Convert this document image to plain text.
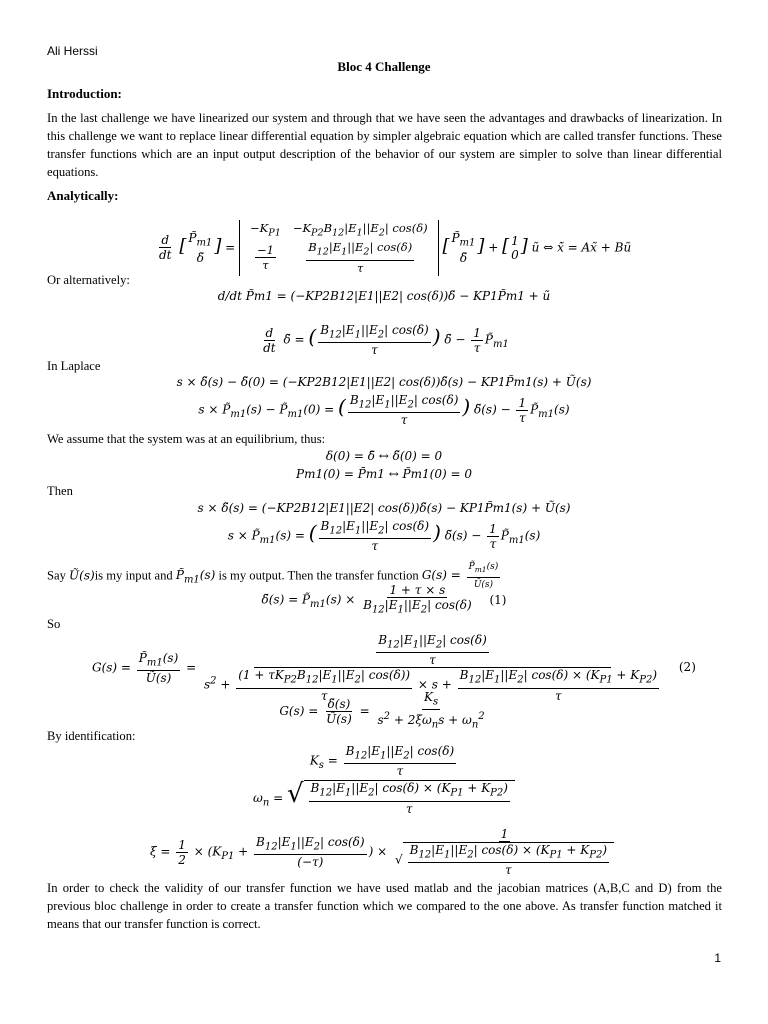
Ali Herssi
Bloc 4 Challenge
Introduction:
In the last challenge we have linearized our system and through that we have seen the advantages and drawbacks of linearization. In this challenge we want to replace linear differential equation by simpler algebraic equation which are called transfer functions. These transfer functions which are an input output description of the behavior of our system are simpler to solve than linear differential equations.
Analytically:
$\frac{d}{dt}$ [ $P̃_{m1}$
δ̃
] =
$-K_{P1}$	$-K_{P2}B_{12}|E_1||E_2|$ cos(δ)

$\frac{-1}{\tau}$	$\frac{B_{12}|E_1||E_2| \cos(\delta)}{\tau}$ [ $P̃_{m1}$
δ̃
] + [ 1
0 ] ũ ⇔ x̃̇ = Ax̃ + Bũ
Or alternatively:
d/dt P̃m1 = (−KP2B12|E1||E2| cos(δ))δ̃ − KP1P̃m1 + ũ
$\frac{d}{dt}$ δ̃ = ( $\frac{B_{12}|E_1||E_2| \cos(\delta)}{\tau}$ ) δ̃ − $\frac{1}{\tau}$ $P̃_{m1}$
In Laplace
s × δ̃(s) − δ̃(0) = (−KP2B12|E1||E2| cos(δ))δ̃(s) − KP1P̃m1(s) + Ũ(s)
$s \times P̃_{m1}(s)$ − $P̃_{m1}(0)$ = ( $\frac{B_{12}|E_1||E_2| \cos(\delta)}{\tau}$ ) δ̃(s) − $\frac{1}{\tau}$ $P̃_{m1}(s)$
We assume that the system was at an equilibrium, thus:
δ(0) = δ̄ ↔ δ̃(0) = 0
Pm1(0) = P̄m1 ↔ P̃m1(0) = 0
Then
s × δ̃(s) = (−KP2B12|E1||E2| cos(δ))δ̃(s) − KP1P̃m1(s) + Ũ(s)
$s \times P̃_{m1}(s)$ = ( $\frac{B_{12}|E_1||E_2| \cos(\delta)}{\tau}$ ) δ̃(s) − $\frac{1}{\tau}$ $P̃_{m1}(s)$
Say Ũ(s)is my input and $P̃_{m1}(s)$ is my output. Then the transfer function $G(s) = \frac{P̃_{m1}(s)}{Ũ(s)}$
δ̃(s) = $P̃_{m1}(s) \times \frac{1 + \tau \times s}{B_{12}|E_1||E_2| \cos(\delta)} (1)$
So
$G(s) = \frac{P̃_{m1}(s)}{Ũ(s)}$ =	$\frac{B_{12}|E_1||E_2| \cos(\delta)}{\tau}$
$s^2 + \frac{(1 + \tau K_{P2}B_{12}|E_1||E_2| \cos(\delta))}{\tau} \times s + \frac{B_{12}|E_1||E_2| \cos(\delta) \times (K_{P1} + K_{P2})}{\tau}$
(2)
$G(s) = \frac{\deltã(s)}{Ũ(s)} = \frac{K_s}{s^2 + 2\xi\omega_ns + \omega_n^2}$
By identification:
$K_s = \frac{B_{12}|E_1||E_2| \cos(\delta)}{\tau}$
$\omega_n$ = √ $\frac{B_{12}|E_1||E_2| \cos(\delta) \times (K_{P1} + K_{P2})}{\tau}$
$\xi = \frac{1}{2} \times (K_{P1} + \frac{B_{12}|E_1||E_2| \cos(\delta)}{(-\tau)}$ ) × $\frac{1}{√ \frac{B_{12}|E_1||E_2| \cos(\delta) \times (K_{P1} + K_{P2})}{\tau}}$
In order to check the validity of our transfer function we have used matlab and the jacobian matrices (A,B,C and D) from the previous bloc challenge in order to create a transfer function which we compared to the one above. As transfer function matched it means that our transfer function is correct.
1
